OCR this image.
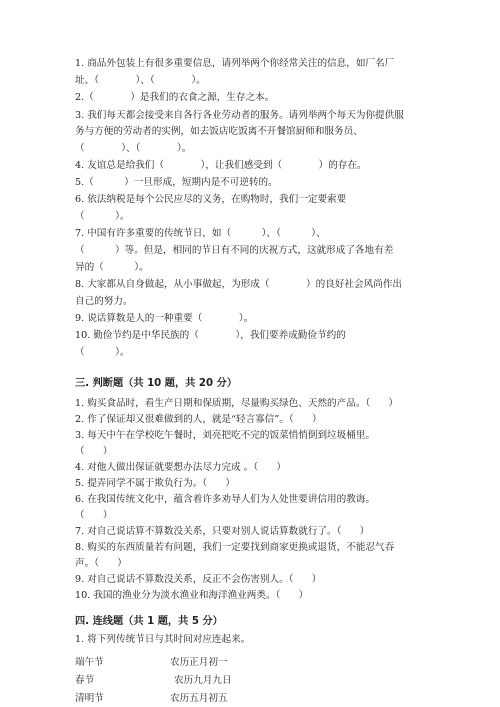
1. 商品外包装上有很多重要信息，请列举两个你经常关注的信息，如厂名厂
址、（            ）、（            ）。
2.（            ）是我们的衣食之源，生存之本。
3. 我们每天都会接受来自各行各业劳动者的服务。请列举两个每天为你提供服
务与方便的劳动者的实例，如去饭店吃饭离不开餐馆厨师和服务员、
（            ）、（            ）。
4. 友谊总是给我们（            ），让我们感受到（            ）的存在。
5.（          ）一旦形成，短期内是不可逆转的。
6. 依法纳税是每个公民应尽的义务，在购物时，我们一定要索要
（          ）。
7. 中国有许多重要的传统节日，如（          ）、（          ）、
（          ）等。但是，相同的节日有不同的庆祝方式，这就形成了各地有差
异的（          ）。
8. 大家都从自身做起，从小事做起，为形成（            ）的良好社会风尚作出
自己的努力。
9. 说话算数是人的一种重要（            ）。
10. 勤俭节约是中华民族的（            ），我们要养成勤俭节约的
（          ）。
三. 判断题（共 10 题，共 20 分）
1. 购买食品时，看生产日期和保质期，尽量购买绿色、天然的产品。（      ）
2. 作了保证却又很难做到的人，就是“轻言寡信”。（      ）
3. 每天中午在学校吃午餐时，刘亮把吃不完的饭菜悄悄倒到垃圾桶里。
（      ）
4. 对他人做出保证就要想办法尽力完成 。（      ）
5. 提弄同学不属于欺负行为。（      ）
6. 在我国传统文化中，蕴含着许多劝导人们为人处世要讲信用的教诲。
（      ）
7. 对自己说话算不算数没关系，只要对别人说话算数就行了。（      ）
8. 购买的东西质量若有问题，我们一定要找到商家更换或退货，不能忍气吞
声。（      ）
9. 对自己说话不算数没关系，反正不会伤害别人。（      ）
10. 我国的渔业分为淡水渔业和海洋渔业两类。（      ）
四. 连线题（共 1 题，共 5 分）
1. 将下列传统节日与其时间对应连起来。
端午节	农历正月初一
春节	农历九月九日
清明节	农历五月初五
